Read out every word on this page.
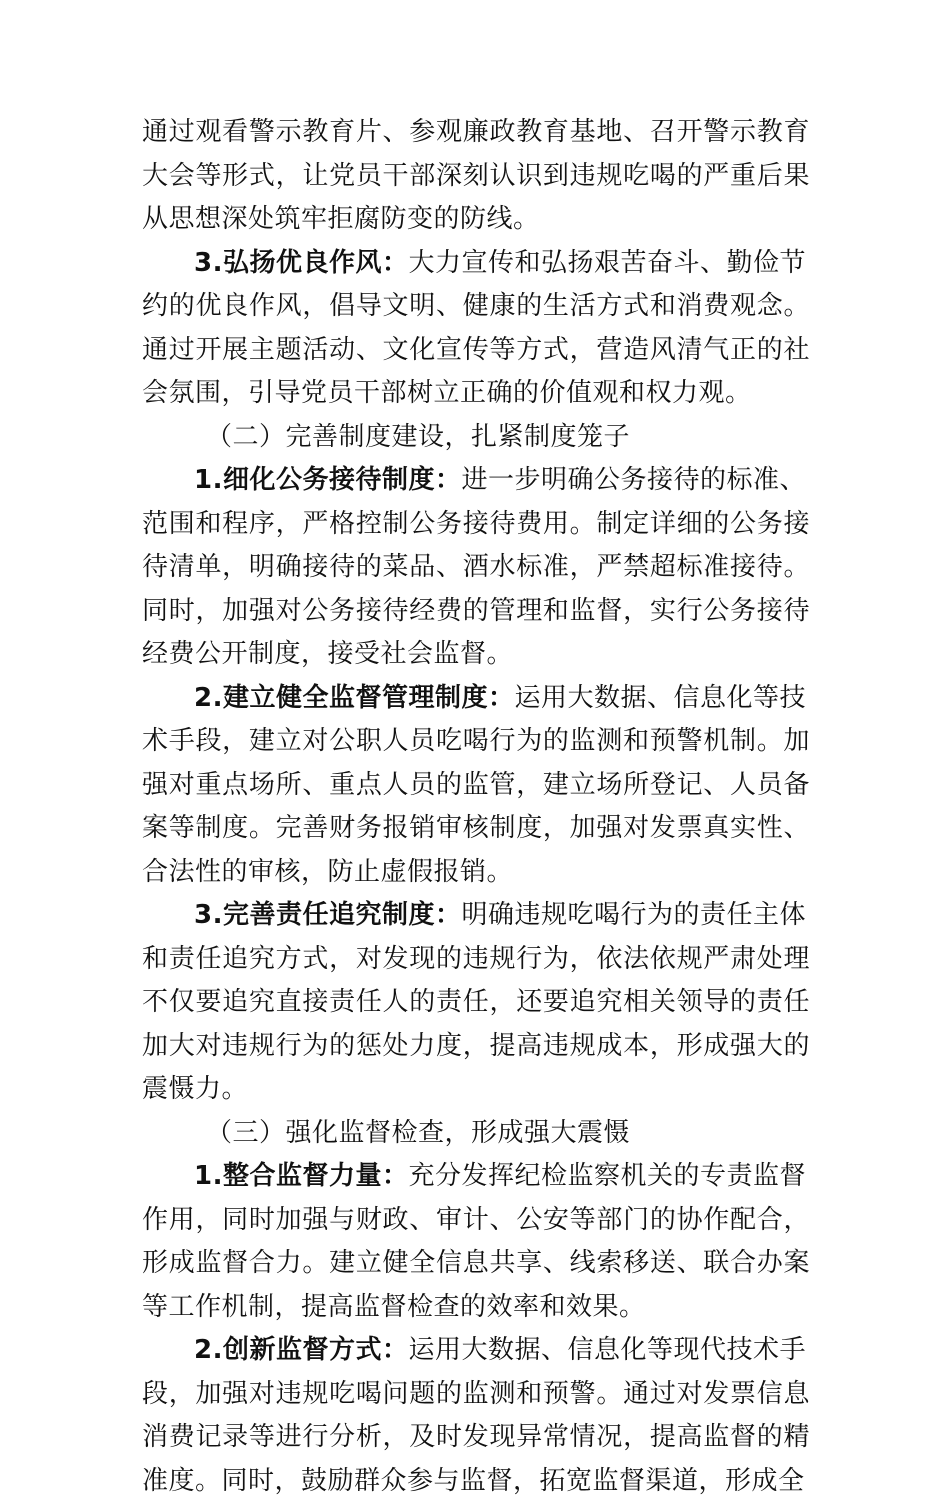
通过观看警示教育片、参观廉政教育基地、召开警示教育
大会等形式，让党员干部深刻认识到违规吃喝的严重后果
从思想深处筑牢拒腐防变的防线。
3.弘扬优良作风：大力宣传和弘扬艰苦奋斗、勤俭节
约的优良作风，倡导文明、健康的生活方式和消费观念。
通过开展主题活动、文化宣传等方式，营造风清气正的社
会氛围，引导党员干部树立正确的价值观和权力观。
（二）完善制度建设，扎紧制度笼子
1.细化公务接待制度：进一步明确公务接待的标准、
范围和程序，严格控制公务接待费用。制定详细的公务接
待清单，明确接待的菜品、酒水标准，严禁超标准接待。
同时，加强对公务接待经费的管理和监督，实行公务接待
经费公开制度，接受社会监督。
2.建立健全监督管理制度：运用大数据、信息化等技
术手段，建立对公职人员吃喝行为的监测和预警机制。加
强对重点场所、重点人员的监管，建立场所登记、人员备
案等制度。完善财务报销审核制度，加强对发票真实性、
合法性的审核，防止虚假报销。
3.完善责任追究制度：明确违规吃喝行为的责任主体
和责任追究方式，对发现的违规行为，依法依规严肃处理
不仅要追究直接责任人的责任，还要追究相关领导的责任
加大对违规行为的惩处力度，提高违规成本，形成强大的
震慑力。
（三）强化监督检查，形成强大震慑
1.整合监督力量：充分发挥纪检监察机关的专责监督
作用，同时加强与财政、审计、公安等部门的协作配合，
形成监督合力。建立健全信息共享、线索移送、联合办案
等工作机制，提高监督检查的效率和效果。
2.创新监督方式：运用大数据、信息化等现代技术手
段，加强对违规吃喝问题的监测和预警。通过对发票信息
消费记录等进行分析，及时发现异常情况，提高监督的精
准度。同时，鼓励群众参与监督，拓宽监督渠道，形成全
